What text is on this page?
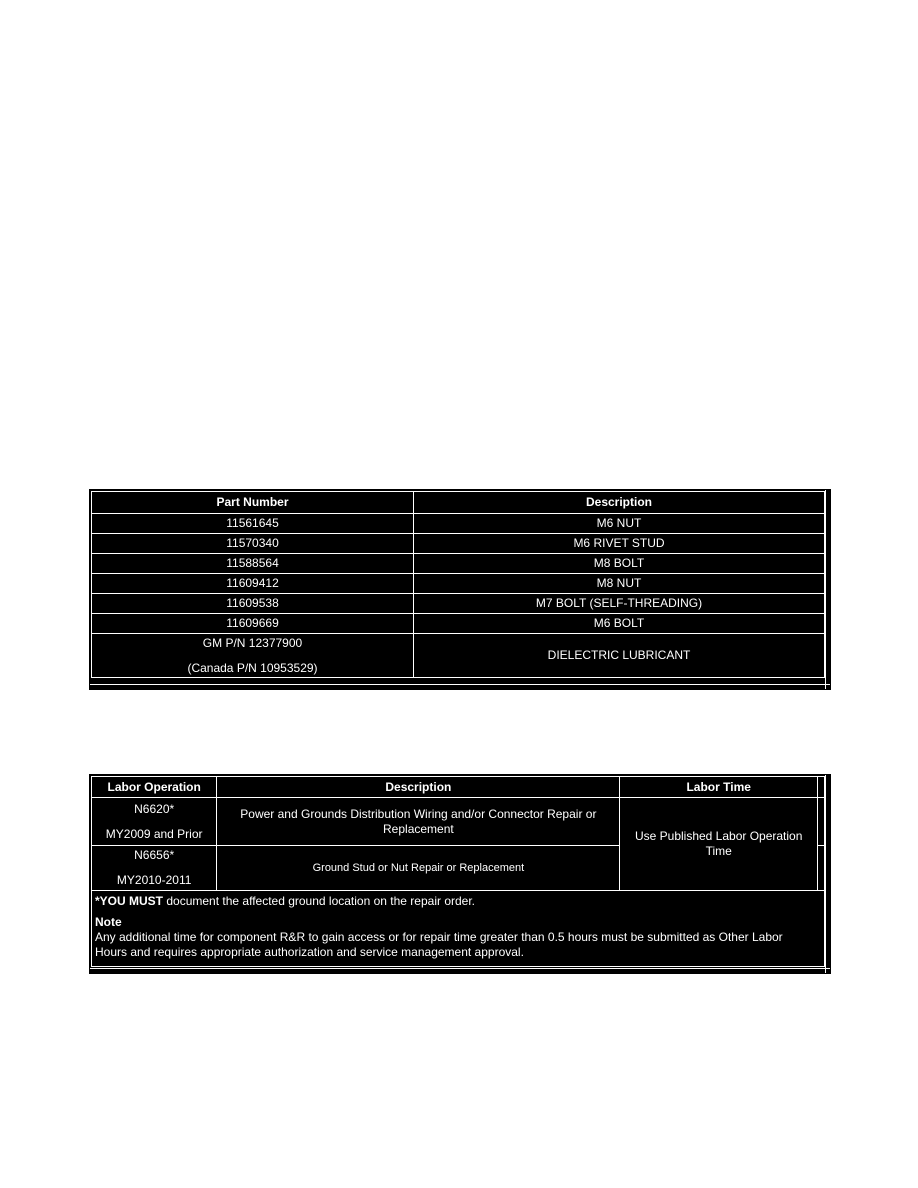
Part Number	Description
11561645	M6 NUT
11570340	M6 RIVET STUD
11588564	M8 BOLT
11609412	M8 NUT
11609538	M7 BOLT (SELF-THREADING)
11609669	M6 BOLT

GM P/N 12377900
(Canada P/N 10953529)	DIELECTRIC LUBRICANT
Labor Operation	Description	Labor Time	

N6620*
MY2009 and Prior	Power and Grounds Distribution Wiring and/or Connector Repair or Replacement	Use Published Labor Operation Time	

N6656*
MY2010-2011	Ground Stud or Nut Repair or Replacement		

*YOU MUST document the affected ground location on the repair order.
Note
Any additional time for component R&R to gain access or for repair time greater than 0.5 hours must be submitted as Other Labor
Hours and requires appropriate authorization and service management approval.			
